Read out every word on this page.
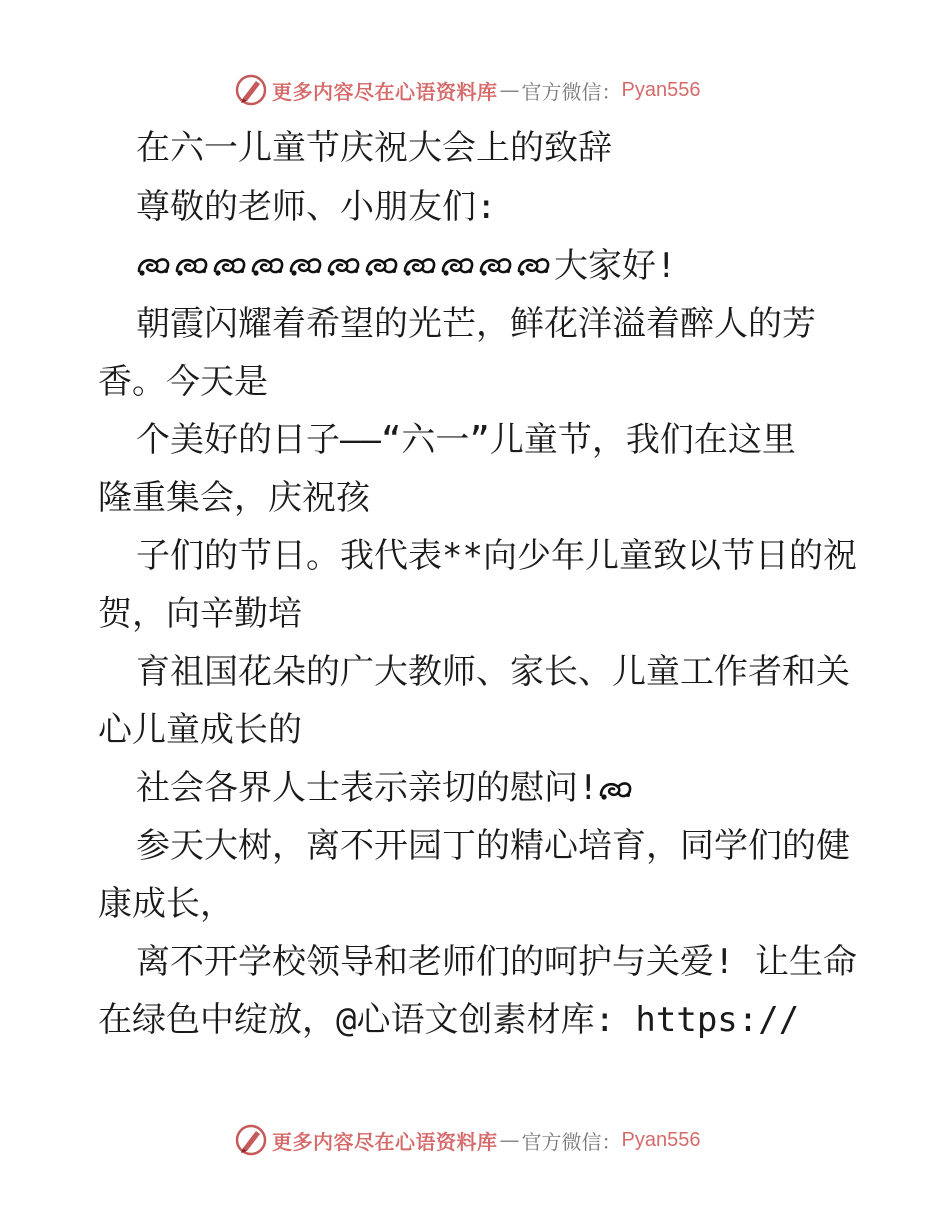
更多内容尽在心语资料库 — 官方微信： Pyan556
在六一儿童节庆祝大会上的致辞
尊敬的老师、小朋友们:
大家好!
朝霞闪耀着希望的光芒，鲜花洋溢着醉人的芳
香。今天是
个美好的日子——“六一”儿童节，我们在这里
隆重集会，庆祝孩
子们的节日。我代表**向少年儿童致以节日的祝
贺，向辛勤培
育祖国花朵的广大教师、家长、儿童工作者和关
心儿童成长的
社会各界人士表示亲切的慰问!
参天大树，离不开园丁的精心培育，同学们的健
康成长，
离不开学校领导和老师们的呵护与关爱! 让生命
在绿色中绽放，@心语文创素材库: https://
更多内容尽在心语资料库 — 官方微信： Pyan556
